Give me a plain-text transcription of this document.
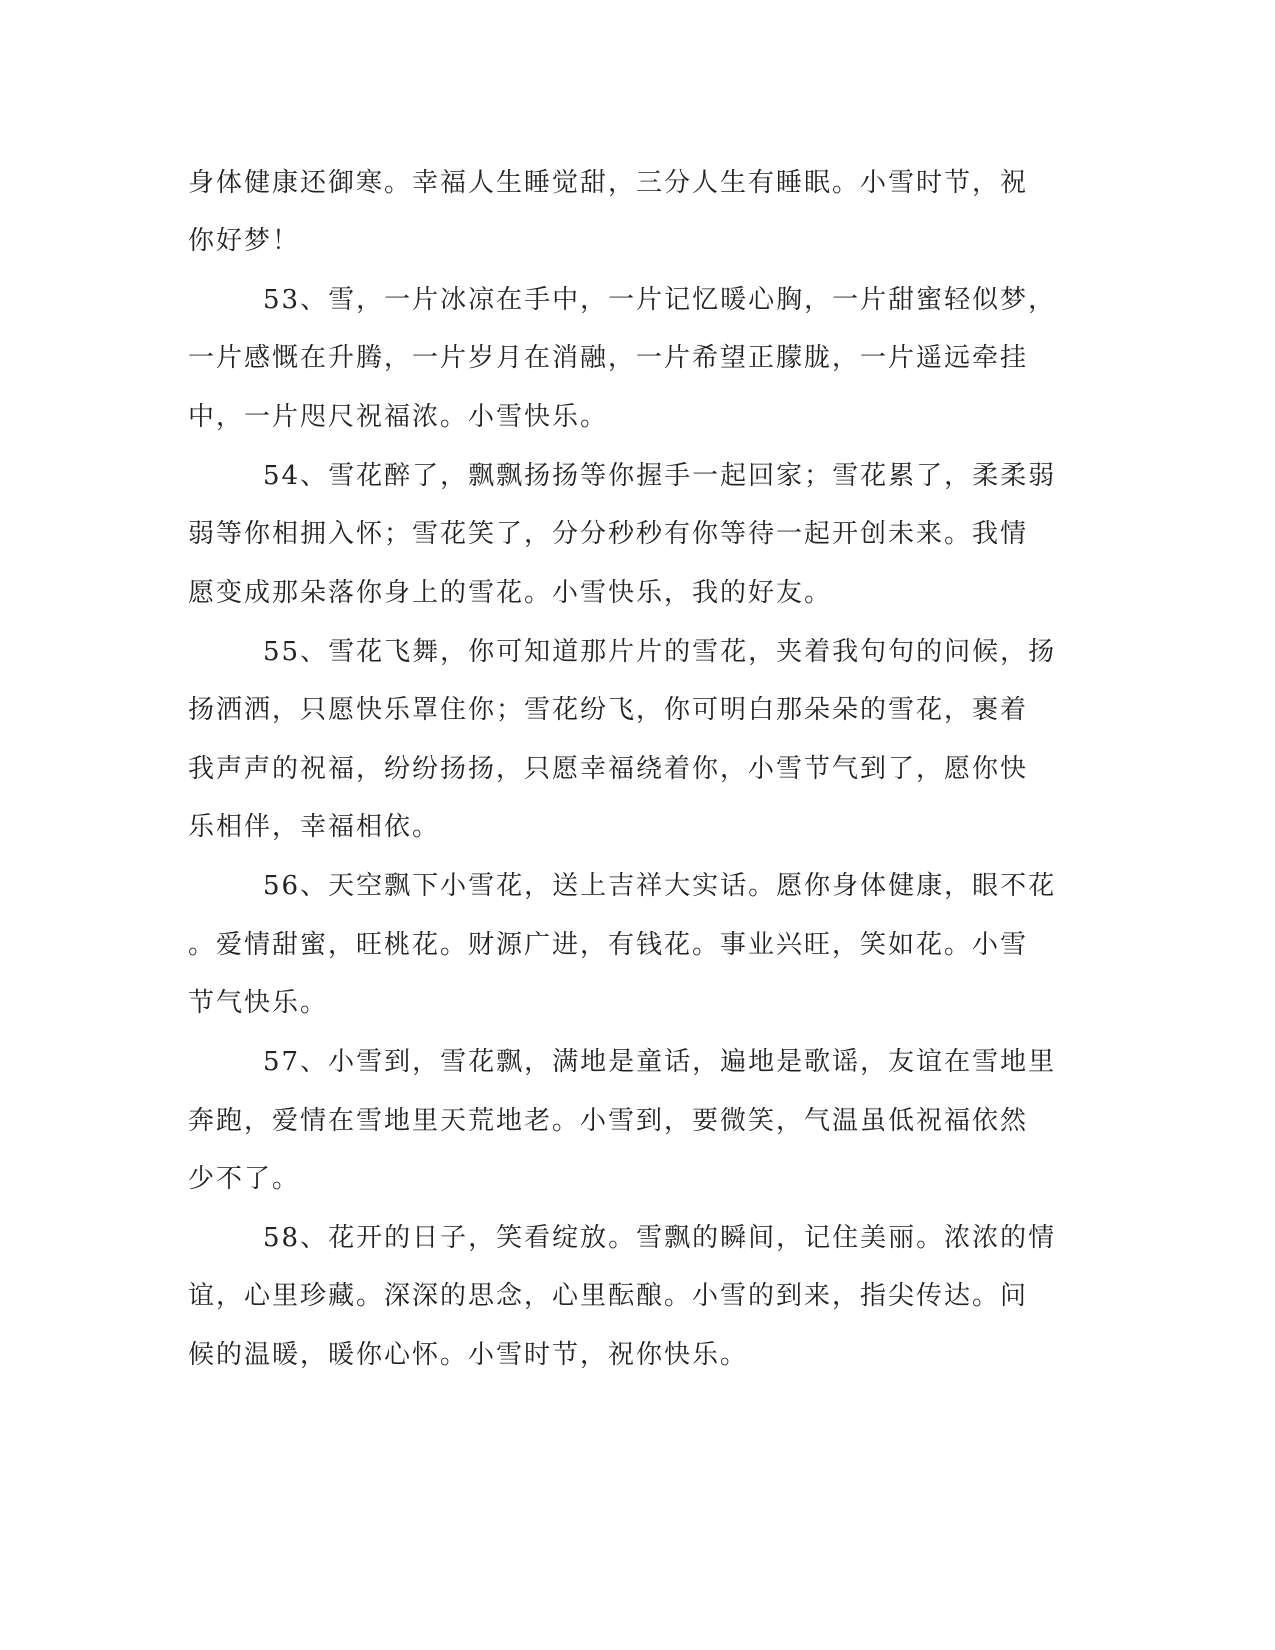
身体健康还御寒。幸福人生睡觉甜，三分人生有睡眠。小雪时节，祝
你好梦！
53、雪，一片冰凉在手中，一片记忆暖心胸，一片甜蜜轻似梦，
一片感慨在升腾，一片岁月在消融，一片希望正朦胧，一片遥远牵挂
中，一片咫尺祝福浓。小雪快乐。
54、雪花醉了，飘飘扬扬等你握手一起回家；雪花累了，柔柔弱
弱等你相拥入怀；雪花笑了，分分秒秒有你等待一起开创未来。我情
愿变成那朵落你身上的雪花。小雪快乐，我的好友。
55、雪花飞舞，你可知道那片片的雪花，夹着我句句的问候，扬
扬洒洒，只愿快乐罩住你；雪花纷飞，你可明白那朵朵的雪花，裹着
我声声的祝福，纷纷扬扬，只愿幸福绕着你，小雪节气到了，愿你快
乐相伴，幸福相依。
56、天空飘下小雪花，送上吉祥大实话。愿你身体健康，眼不花
。爱情甜蜜，旺桃花。财源广进，有钱花。事业兴旺，笑如花。小雪
节气快乐。
57、小雪到，雪花飘，满地是童话，遍地是歌谣，友谊在雪地里
奔跑，爱情在雪地里天荒地老。小雪到，要微笑，气温虽低祝福依然
少不了。
58、花开的日子，笑看绽放。雪飘的瞬间，记住美丽。浓浓的情
谊，心里珍藏。深深的思念，心里酝酿。小雪的到来，指尖传达。问
候的温暖，暖你心怀。小雪时节，祝你快乐。
